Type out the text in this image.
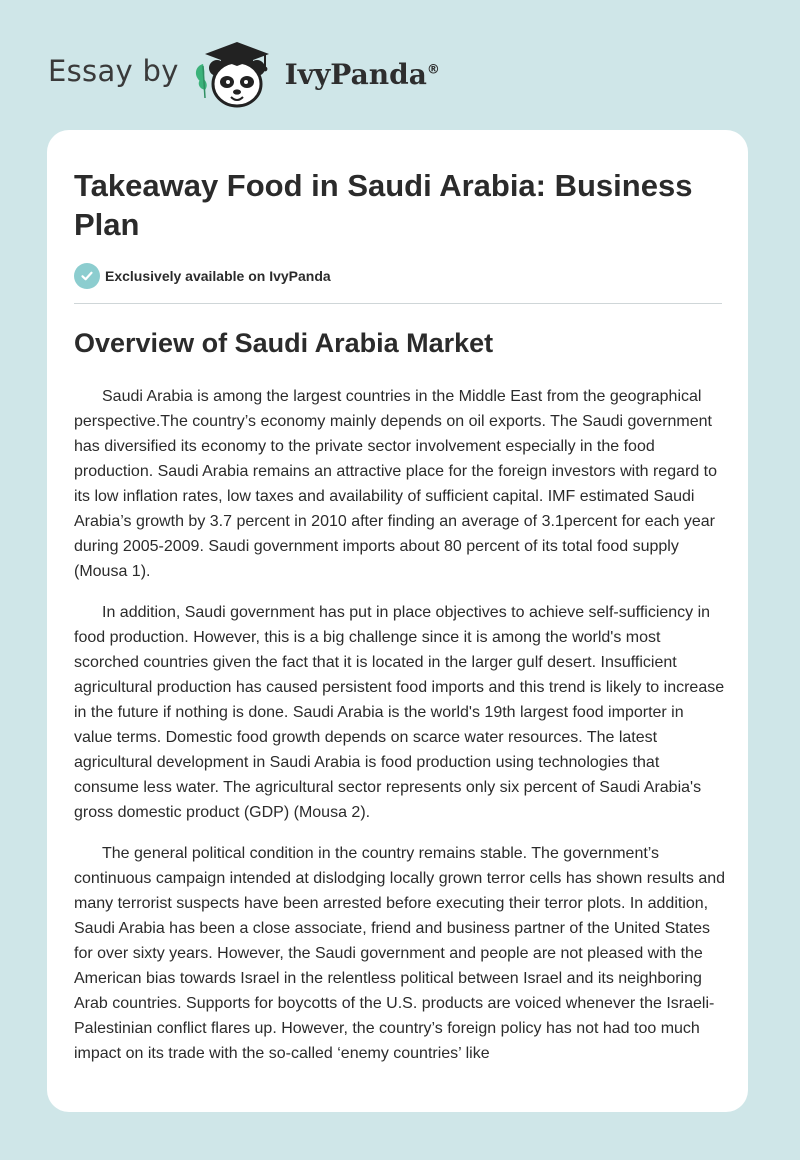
Essay by	IvyPanda®
Takeaway Food in Saudi Arabia: Business Plan
Exclusively available on IvyPanda
Overview of Saudi Arabia Market

Saudi Arabia is among the largest countries in the Middle East from the geographical perspective.The country’s economy mainly depends on oil exports. The Saudi government has diversified its economy to the private sector involvement especially in the food production. Saudi Arabia remains an attractive place for the foreign investors with regard to its low inflation rates, low taxes and availability of sufficient capital. IMF estimated Saudi Arabia’s growth by 3.7 percent in 2010 after finding an average of 3.1percent for each year during 2005-2009. Saudi government imports about 80 percent of its total food supply (Mousa 1).

In addition, Saudi government has put in place objectives to achieve self-sufficiency in food production. However, this is a big challenge since it is among the world's most scorched countries given the fact that it is located in the larger gulf desert. Insufficient agricultural production has caused persistent food imports and this trend is likely to increase in the future if nothing is done. Saudi Arabia is the world's 19th largest food importer in value terms. Domestic food growth depends on scarce water resources. The latest agricultural development in Saudi Arabia is food production using technologies that consume less water. The agricultural sector represents only six percent of Saudi Arabia's gross domestic product (GDP) (Mousa 2).

The general political condition in the country remains stable. The government’s continuous campaign intended at dislodging locally grown terror cells has shown results and many terrorist suspects have been arrested before executing their terror plots. In addition, Saudi Arabia has been a close associate, friend and business partner of the United States for over sixty years. However, the Saudi government and people are not pleased with the American bias towards Israel in the relentless political between Israel and its neighboring Arab countries. Supports for boycotts of the U.S. products are voiced whenever the Israeli-Palestinian conflict flares up. However, the country’s foreign policy has not had too much impact on its trade with the so-called ‘enemy countries’ like
